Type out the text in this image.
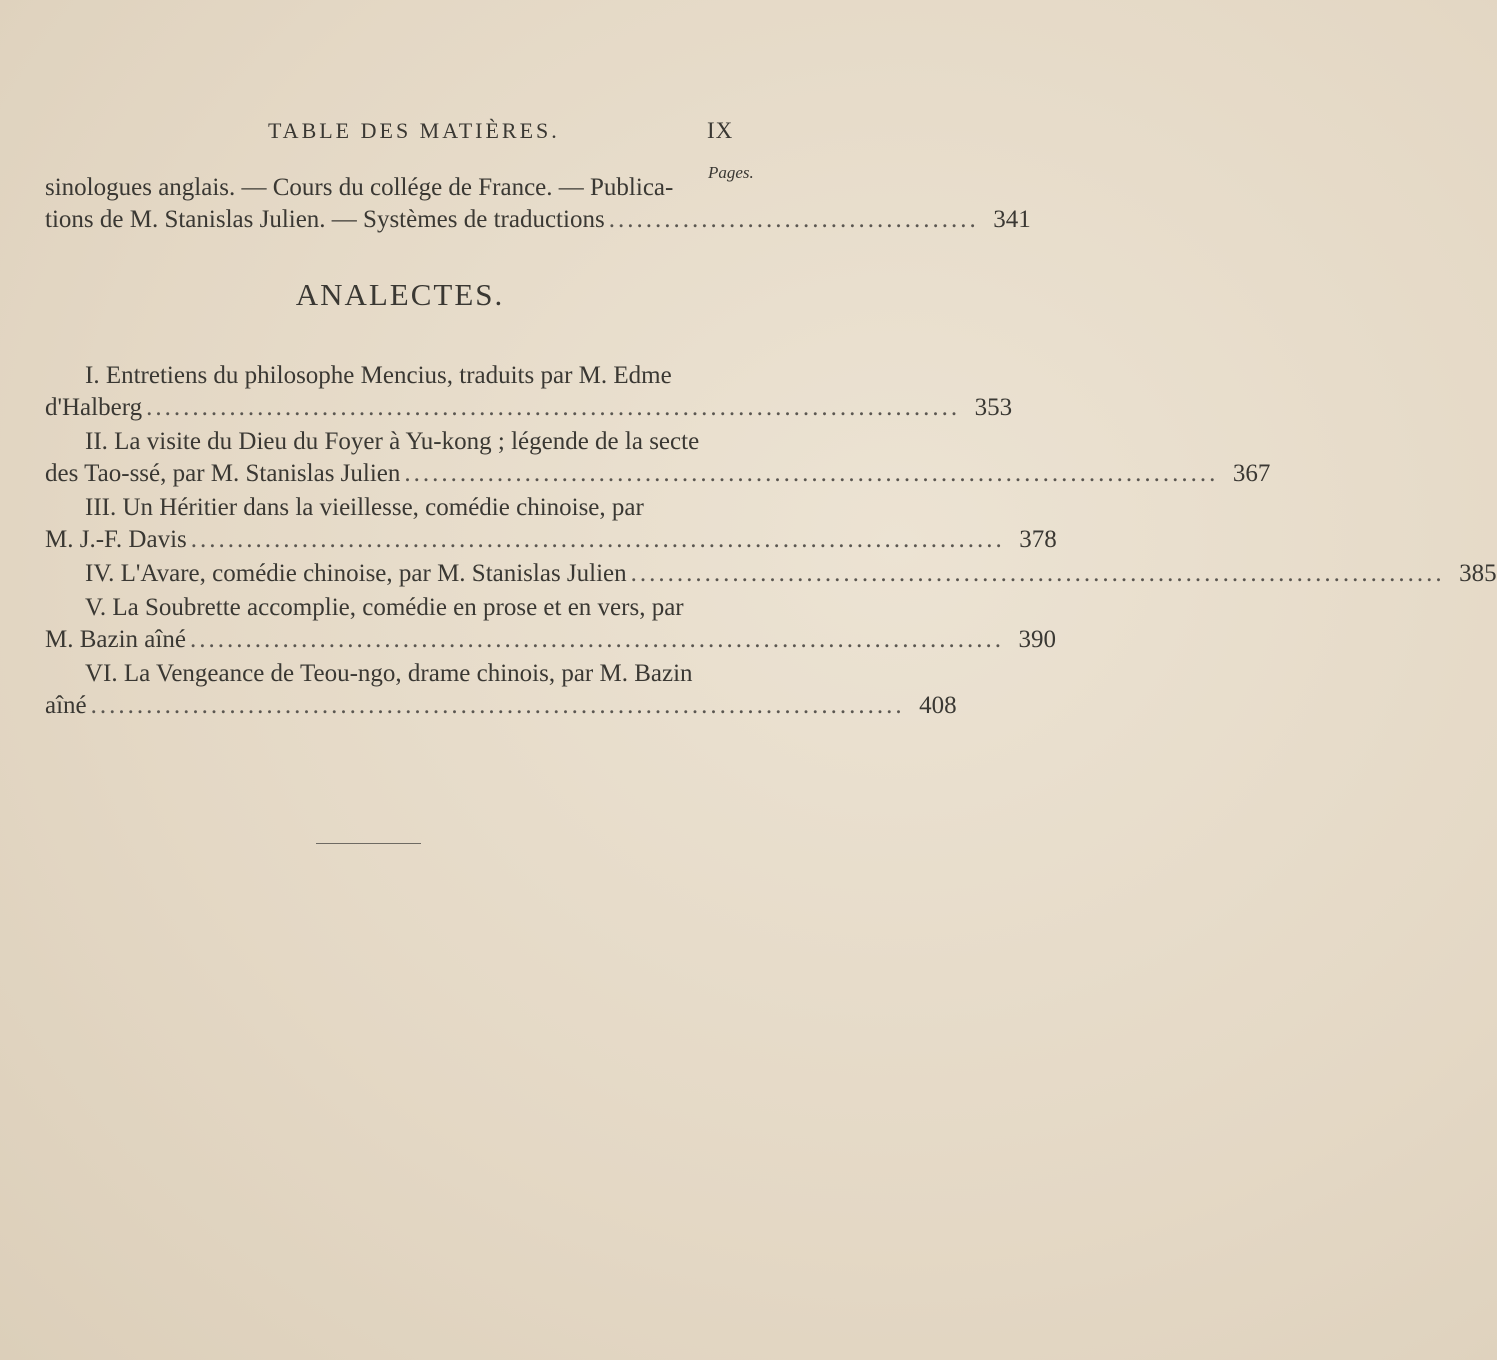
TABLE DES MATIÈRES.	IX
Pages.
sinologues anglais. — Cours du collége de France. — Publica-
tions de M. Stanislas Julien. — Systèmes de traductions ........................................ 341
ANALECTES.
I. Entretiens du philosophe Mencius, traduits par M. Edme
d'Halberg ........................................................................................ 353
II. La visite du Dieu du Foyer à Yu-kong ; légende de la secte
des Tao-ssé, par M. Stanislas Julien ........................................................................................ 367
III. Un Héritier dans la vieillesse, comédie chinoise, par
M. J.-F. Davis ........................................................................................ 378
IV. L'Avare, comédie chinoise, par M. Stanislas Julien ........................................................................................ 385
V. La Soubrette accomplie, comédie en prose et en vers, par
M. Bazin aîné ........................................................................................ 390
VI. La Vengeance de Teou-ngo, drame chinois, par M. Bazin
aîné ........................................................................................ 408
